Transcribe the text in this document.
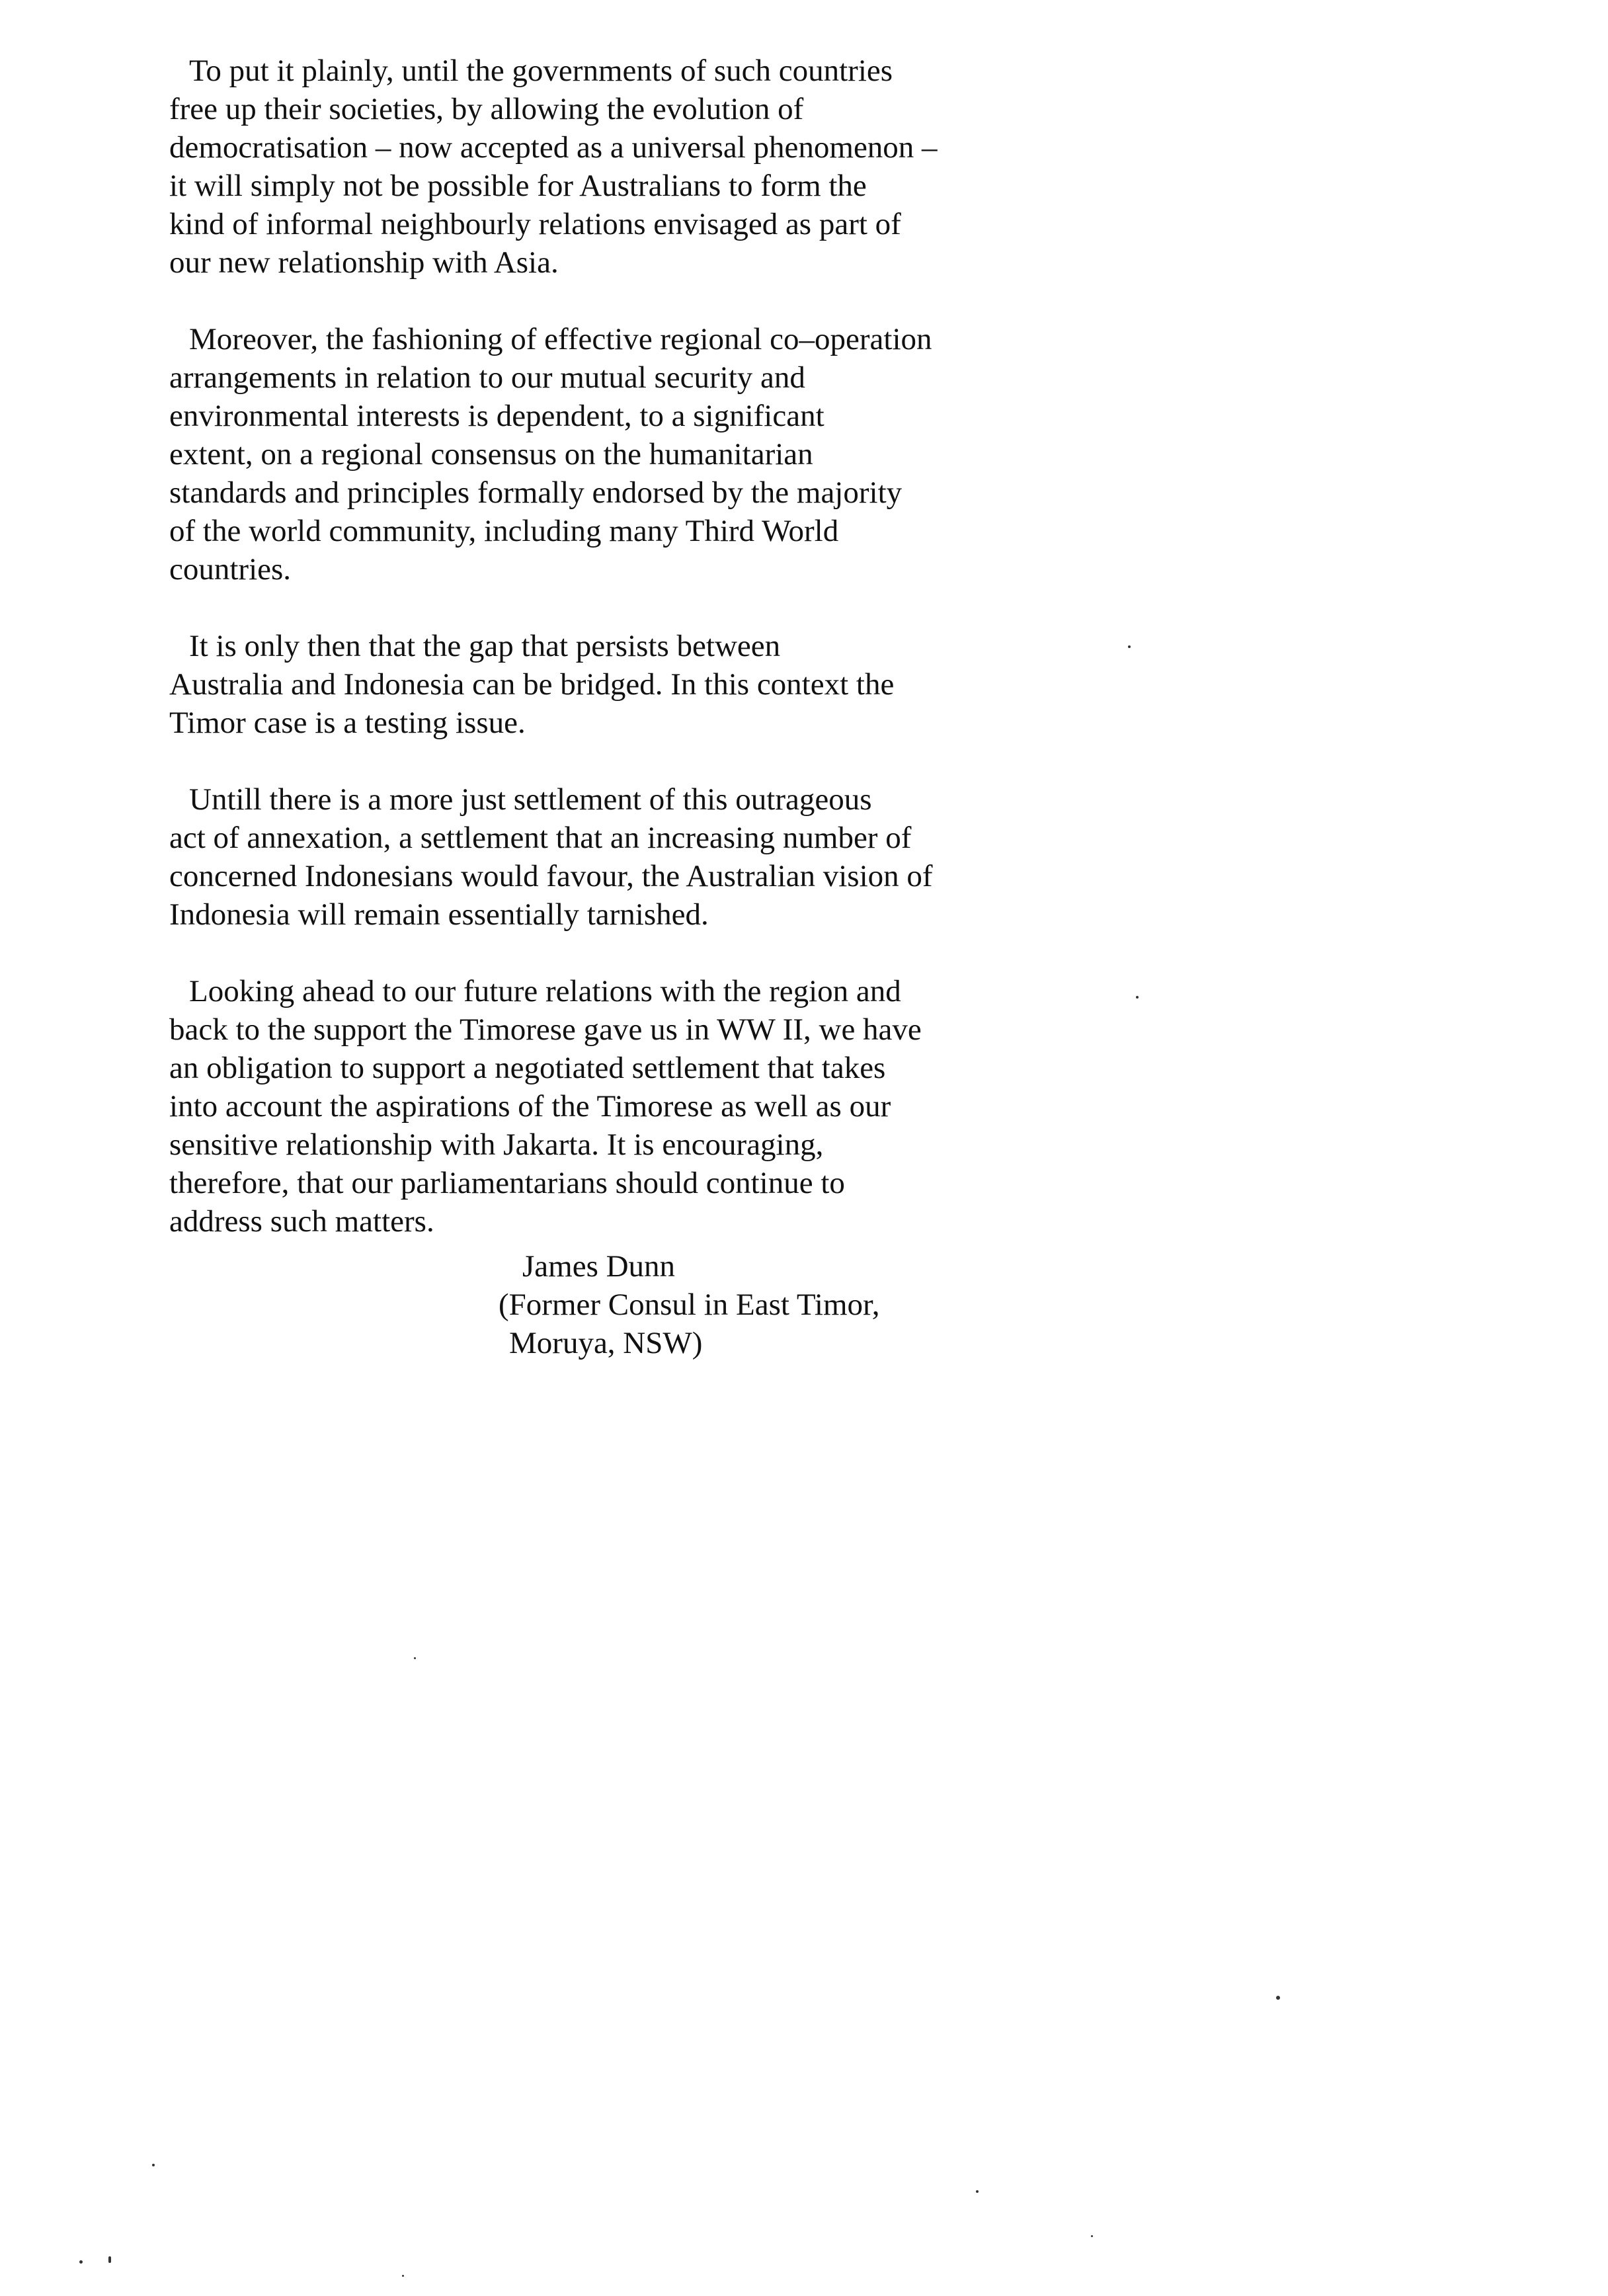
To put it plainly, until the governments of such countries
free up their societies, by allowing the evolution of
democratisation – now accepted as a universal phenomenon –
it will simply not be possible for Australians to form the
kind of informal neighbourly relations envisaged as part of
our new relationship with Asia.

Moreover, the fashioning of effective regional co–operation
arrangements in relation to our mutual security and
environmental interests is dependent, to a significant
extent, on a regional consensus on the humanitarian
standards and principles formally endorsed by the majority
of the world community, including many Third World
countries.

It is only then that the gap that persists between
Australia and Indonesia can be bridged. In this context the
Timor case is a testing issue.

Untill there is a more just settlement of this outrageous
act of annexation, a settlement that an increasing number of
concerned Indonesians would favour, the Australian vision of
Indonesia will remain essentially tarnished.

Looking ahead to our future relations with the region and
back to the support the Timorese gave us in WW II, we have
an obligation to support a negotiated settlement that takes
into account the aspirations of the Timorese as well as our
sensitive relationship with Jakarta. It is encouraging,
therefore, that our parliamentarians should continue to
address such matters.

James Dunn
(Former Consul in East Timor,
Moruya, NSW)
